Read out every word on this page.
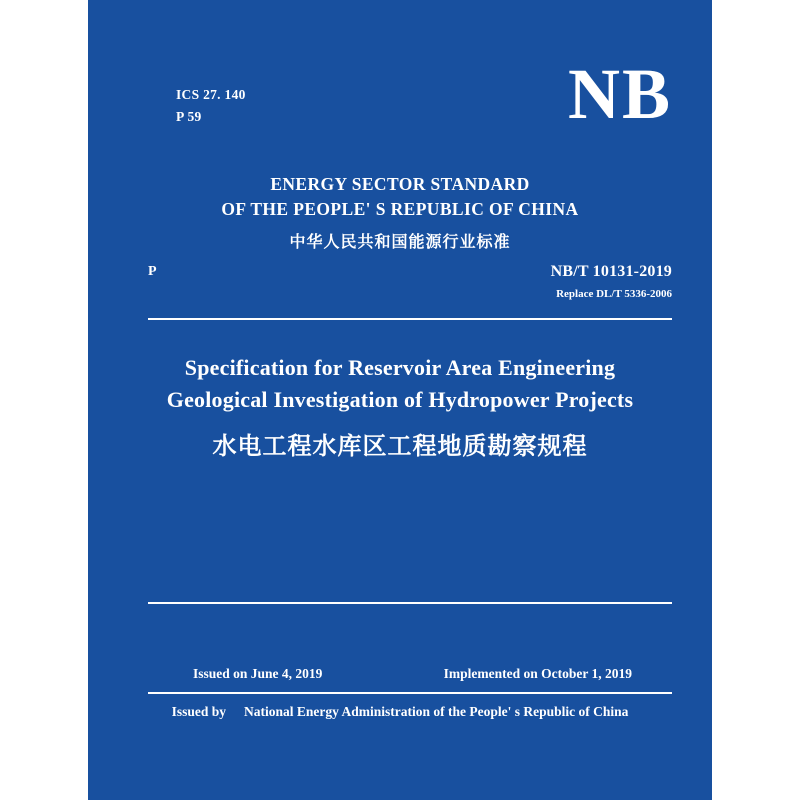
ICS 27. 140
P 59	NB
ENERGY SECTOR STANDARD
OF THE PEOPLE' S REPUBLIC OF CHINA
中华人民共和国能源行业标准
P	NB/T 10131-2019
Replace DL/T 5336-2006
Specification for Reservoir Area Engineering
Geological Investigation of Hydropower Projects
水电工程水库区工程地质勘察规程
Issued on June 4, 2019	Implemented on October 1, 2019
Issued by National Energy Administration of the People' s Republic of China
